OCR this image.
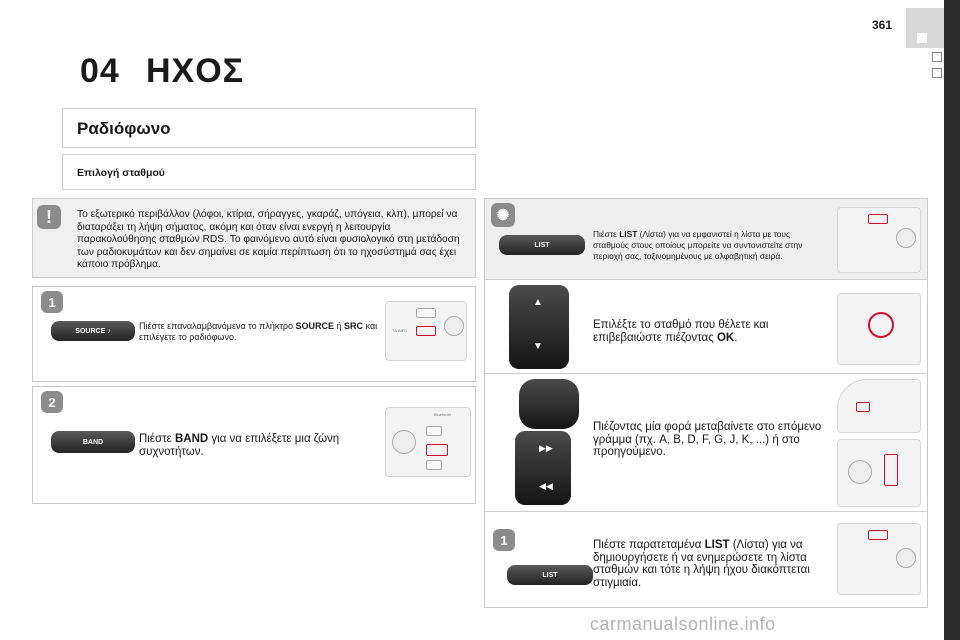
361
04 ΗΧΟΣ
Ραδιόφωνο
Επιλογή σταθμού
!	Το εξωτερικό περιβάλλον (λόφοι, κτίρια, σήραγγες, γκαράζ, υπόγεια, κλπ), μπορεί να διαταράξει τη λήψη σήματος, ακόμη και όταν είναι ενεργή η λειτουργία παρακολούθησης σταθμών RDS. Το φαινόμενο αυτό είναι φυσιολογικό στη μετάδοση των ραδιοκυμάτων και δεν σημαίνει σε καμία περίπτωση ότι το ηχοσύστημά σας έχει κάποιο πρόβλημα.
1
SOURCE
♪	Πιέστε επαναλαμβανόμενα το πλήκτρο SOURCE ή SRC και επιλέγετε το ραδιόφωνο.
TA INFO
2
BAND	Πιέστε BAND για να επιλέξετε μια ζώνη συχνοτήτων.
Bluetooth
✺
LIST
Πιέστε LIST (Λίστα) για να εμφανιστεί η λίστα με τους σταθμούς στους οποίους μπορείτε να συντονιστείτε στην περιοχή σας, ταξινομημένους με αλφαβητική σειρά.
▲
▼
Επιλέξτε το σταθμό που θέλετε και επιβεβαιώστε πιέζοντας OK.
▶▶
◀◀
Πιέζοντας μία φορά μεταβαίνετε στο επόμενο γράμμα (πχ. A, B, D, F, G, J, K, ...) ή στο προηγούμενο.
1
LIST
Πιέστε παρατεταμένα LIST (Λίστα) για να δημιουργήσετε ή να ενημερώσετε τη λίστα σταθμών και τότε η λήψη ήχου διακόπτεται στιγμιαία.
carmanualsonline.info
